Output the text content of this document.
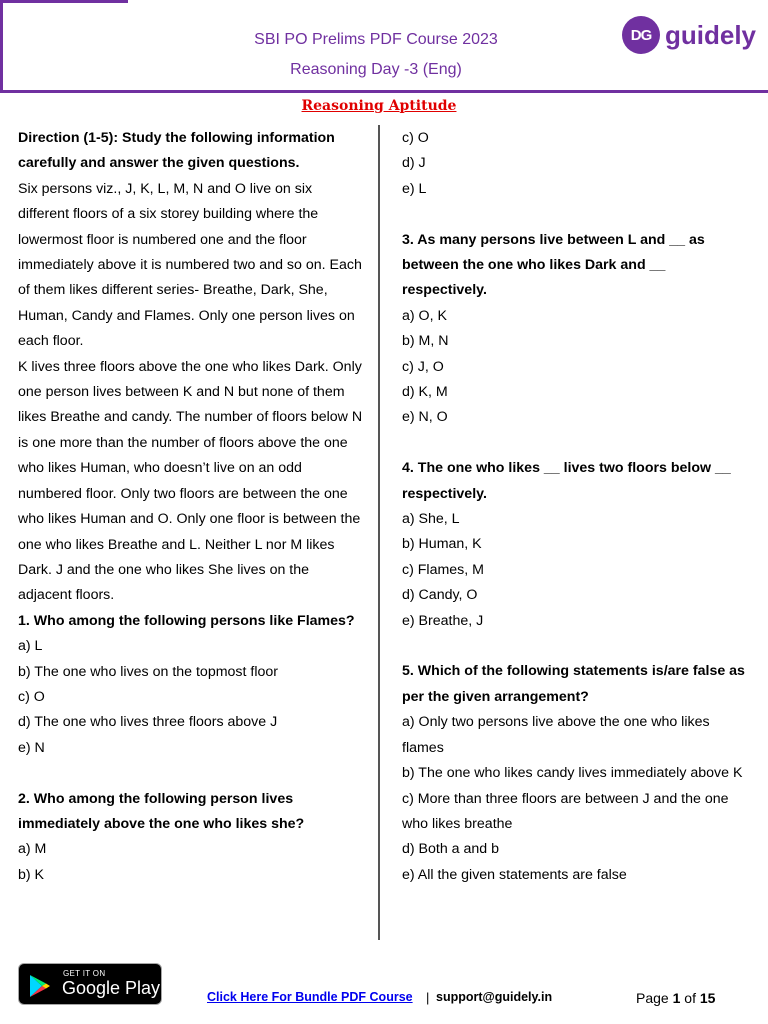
SBI PO Prelims PDF Course 2023
Reasoning Day -3 (Eng)
DG guidely
Reasoning Aptitude

Direction (1-5): Study the following information carefully and answer the given questions.

Six persons viz., J, K, L, M, N and O live on six different floors of a six storey building where the lowermost floor is numbered one and the floor immediately above it is numbered two and so on. Each of them likes different series- Breathe, Dark, She, Human, Candy and Flames. Only one person lives on each floor.

K lives three floors above the one who likes Dark. Only one person lives between K and N but none of them likes Breathe and candy. The number of floors below N is one more than the number of floors above the one who likes Human, who doesn’t live on an odd numbered floor. Only two floors are between the one who likes Human and O. Only one floor is between the one who likes Breathe and L. Neither L nor M likes Dark. J and the one who likes She lives on the adjacent floors.

1. Who among the following persons like Flames?

a) L

b) The one who lives on the topmost floor

c) O

d) The one who lives three floors above J

e) N

2. Who among the following person lives immediately above the one who likes she?

a) M

b) K

c) O

d) J

e) L

3. As many persons live between L and __ as between the one who likes Dark and __ respectively.

a) O, K

b) M, N

c) J, O

d) K, M

e) N, O

4. The one who likes __ lives two floors below __ respectively.

a) She, L

b) Human, K

c) Flames, M

d) Candy, O

e) Breathe, J

5. Which of the following statements is/are false as per the given arrangement?

a) Only two persons live above the one who likes flames

b) The one who likes candy lives immediately above K

c) More than three floors are between J and the one who likes breathe

d) Both a and b

e) All the given statements are false

GET IT ON
Google Play	Click Here For Bundle PDF Course | support@guidely.in	Page 1 of 15
